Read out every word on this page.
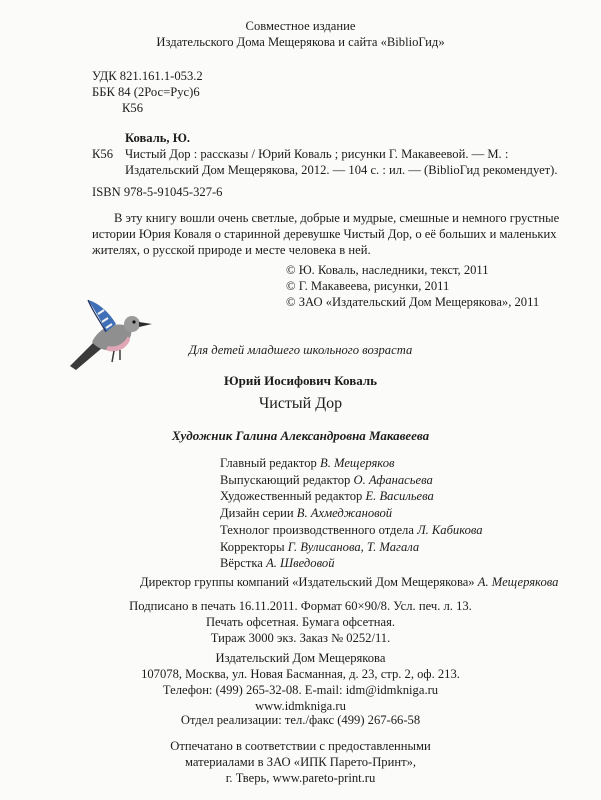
Совместное издание
Издательского Дома Мещерякова и сайта «BiblioГид»
УДК 821.161.1-053.2
ББК 84 (2Рос=Рус)6
К56
Коваль, Ю.
К56 Чистый Дор : рассказы / Юрий Коваль ; рисунки Г. Макавеевой. — М. :
Издательский Дом Мещерякова, 2012. — 104 с. : ил. — (BiblioГид рекомендует).
ISBN 978-5-91045-327-6
В эту книгу вошли очень светлые, добрые и мудрые, смешные и немного грустные
истории Юрия Коваля о старинной деревушке Чистый Дор, о её больших и маленьких
жителях, о русской природе и месте человека в ней.
© Ю. Коваль, наследники, текст, 2011
© Г. Макавеева, рисунки, 2011
© ЗАО «Издательский Дом Мещерякова», 2011
Для детей младшего школьного возраста
Юрий Иосифович Коваль
Чистый Дор
Художник Галина Александровна Макавеева
Главный редактор В. Мещеряков
Выпускающий редактор О. Афанасьева
Художественный редактор Е. Васильева
Дизайн серии В. Ахмеджановой
Технолог производственного отдела Л. Кабикова
Корректоры Г. Вулисанова, Т. Магала
Вёрстка А. Шведовой
Директор группы компаний «Издательский Дом Мещерякова» А. Мещерякова
Подписано в печать 16.11.2011. Формат 60×90/8. Усл. печ. л. 13.
Печать офсетная. Бумага офсетная.
Тираж 3000 экз. Заказ № 0252/11.
Издательский Дом Мещерякова
107078, Москва, ул. Новая Басманная, д. 23, стр. 2, оф. 213.
Телефон: (499) 265-32-08. E-mail: idm@idmkniga.ru
www.idmkniga.ru
Отдел реализации: тел./факс (499) 267-66-58
Отпечатано в соответствии с предоставленными
материалами в ЗАО «ИПК Парето-Принт»,
г. Тверь, www.pareto-print.ru
